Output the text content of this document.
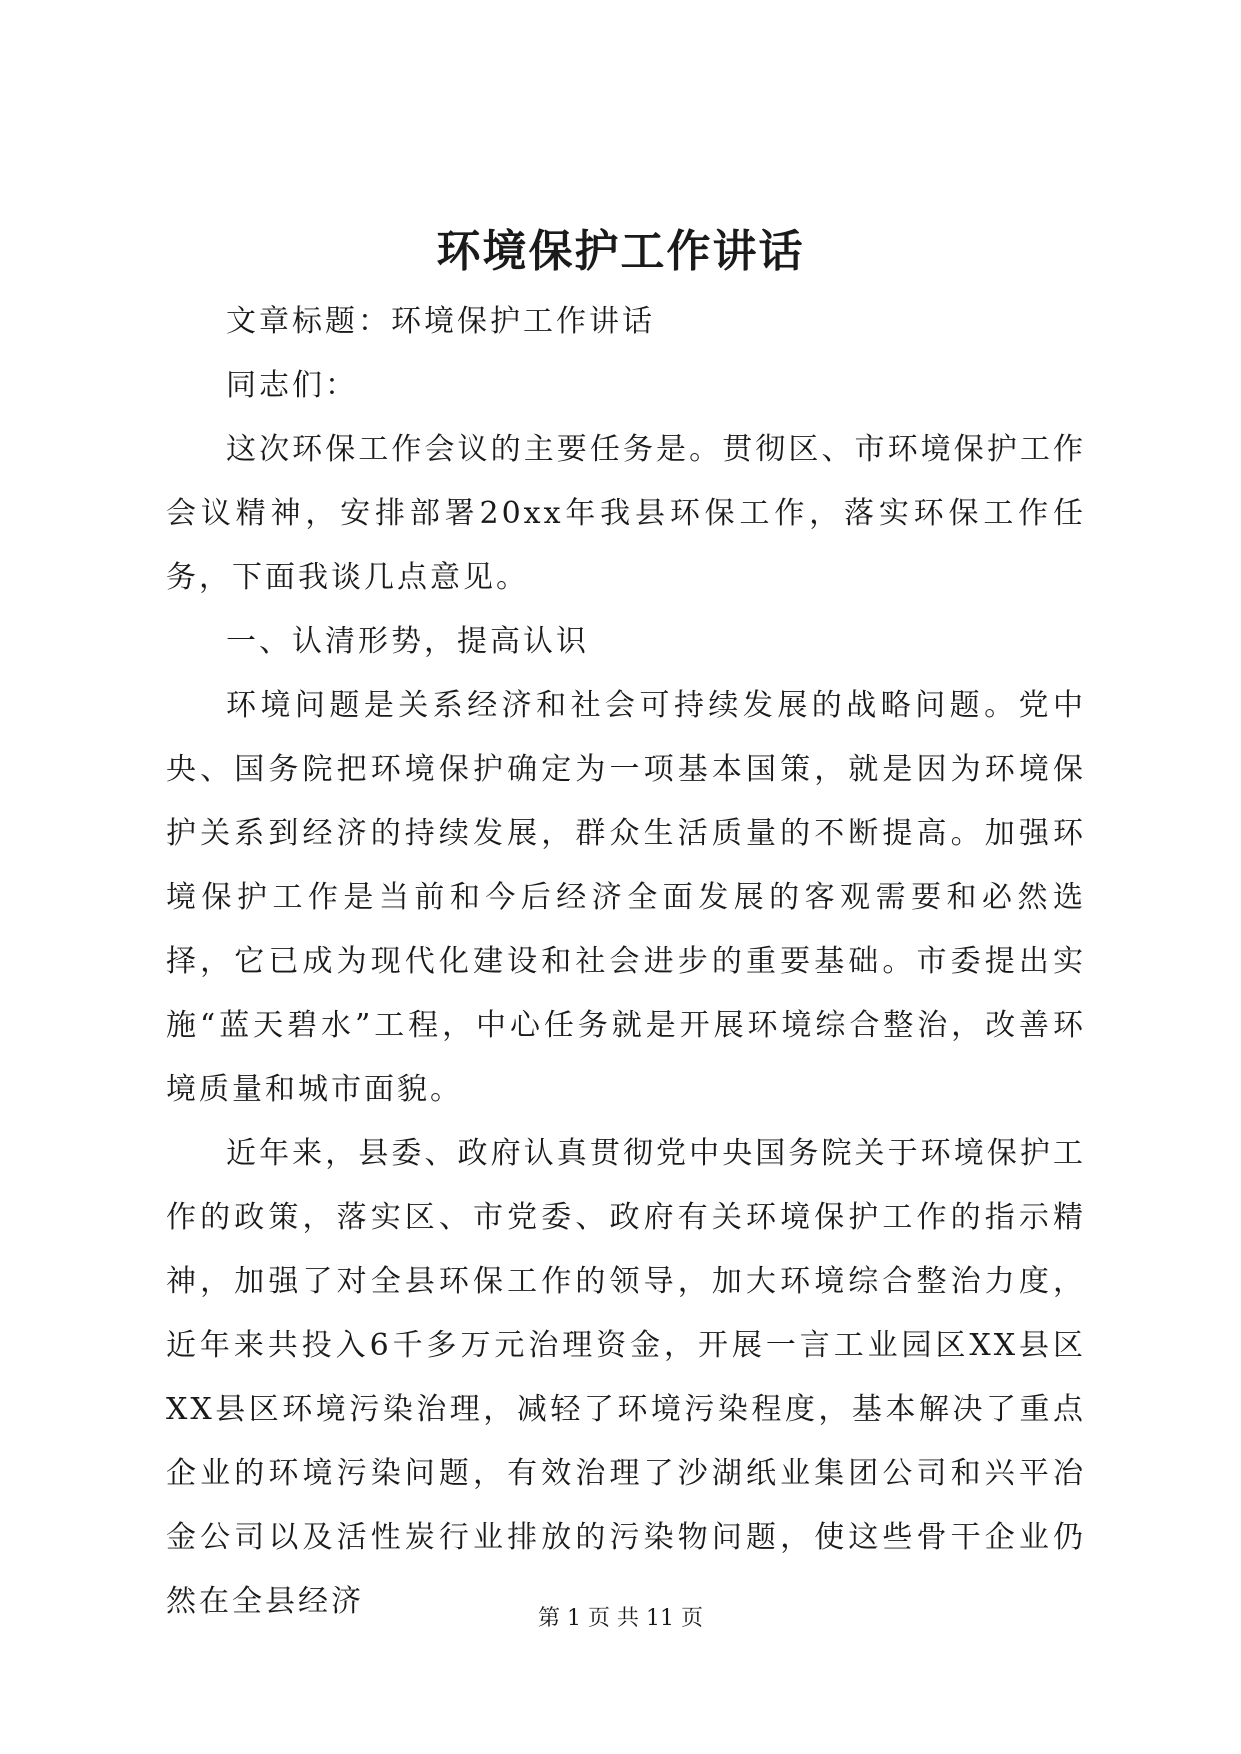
环境保护工作讲话

文章标题：环境保护工作讲话

同志们：

这次环保工作会议的主要任务是。贯彻区、市环境保护工作会议精神，安排部署20xx年我县环保工作，落实环保工作任务，下面我谈几点意见。

一、认清形势，提高认识

环境问题是关系经济和社会可持续发展的战略问题。党中央、国务院把环境保护确定为一项基本国策，就是因为环境保护关系到经济的持续发展，群众生活质量的不断提高。加强环境保护工作是当前和今后经济全面发展的客观需要和必然选择，它已成为现代化建设和社会进步的重要基础。市委提出实施“蓝天碧水”工程，中心任务就是开展环境综合整治，改善环境质量和城市面貌。

近年来，县委、政府认真贯彻党中央国务院关于环境保护工作的政策，落实区、市党委、政府有关环境保护工作的指示精神，加强了对全县环保工作的领导，加大环境综合整治力度，近年来共投入6千多万元治理资金，开展一言工业园区XX县区XX县区环境污染治理，减轻了环境污染程度，基本解决了重点企业的环境污染问题，有效治理了沙湖纸业集团公司和兴平冶金公司以及活性炭行业排放的污染物问题，使这些骨干企业仍然在全县经济	第 1 页 共 11 页
